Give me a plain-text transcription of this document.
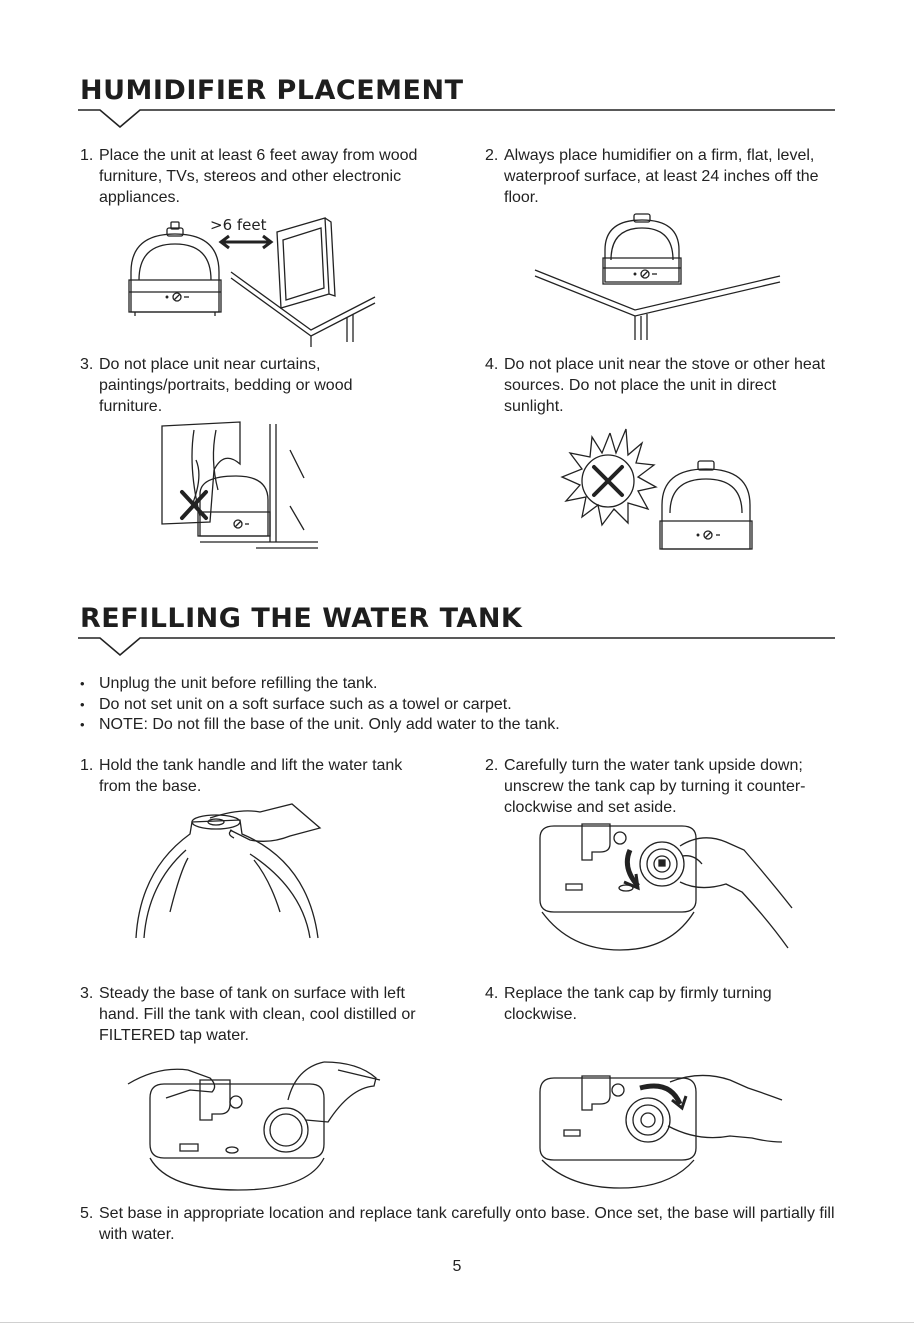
HUMIDIFIER PLACEMENT
1. Place the unit at least 6 feet away from wood furniture, TVs, stereos and other electronic appliances.
2. Always place humidifier on a firm, flat, level, waterproof surface, at least 24 inches off the floor.
3. Do not place unit near curtains, paintings/portraits, bedding or wood furniture.
4. Do not place unit near the stove or other heat sources. Do not place the unit in direct sunlight.
>6 feet
REFILLING THE WATER TANK
• Unplug the unit before refilling the tank.
• Do not set unit on a soft surface such as a towel or carpet.
• NOTE: Do not fill the base of the unit. Only add water to the tank.
1. Hold the tank handle and lift the water tank from the base.
2. Carefully turn the water tank upside down; unscrew the tank cap by turning it counter-clockwise and set aside.
3. Steady the base of tank on surface with left hand. Fill the tank with clean, cool distilled or FILTERED tap water.
4. Replace the tank cap by firmly turning clockwise.
5. Set base in appropriate location and replace tank carefully onto base. Once set, the base will partially fill with water.
5
